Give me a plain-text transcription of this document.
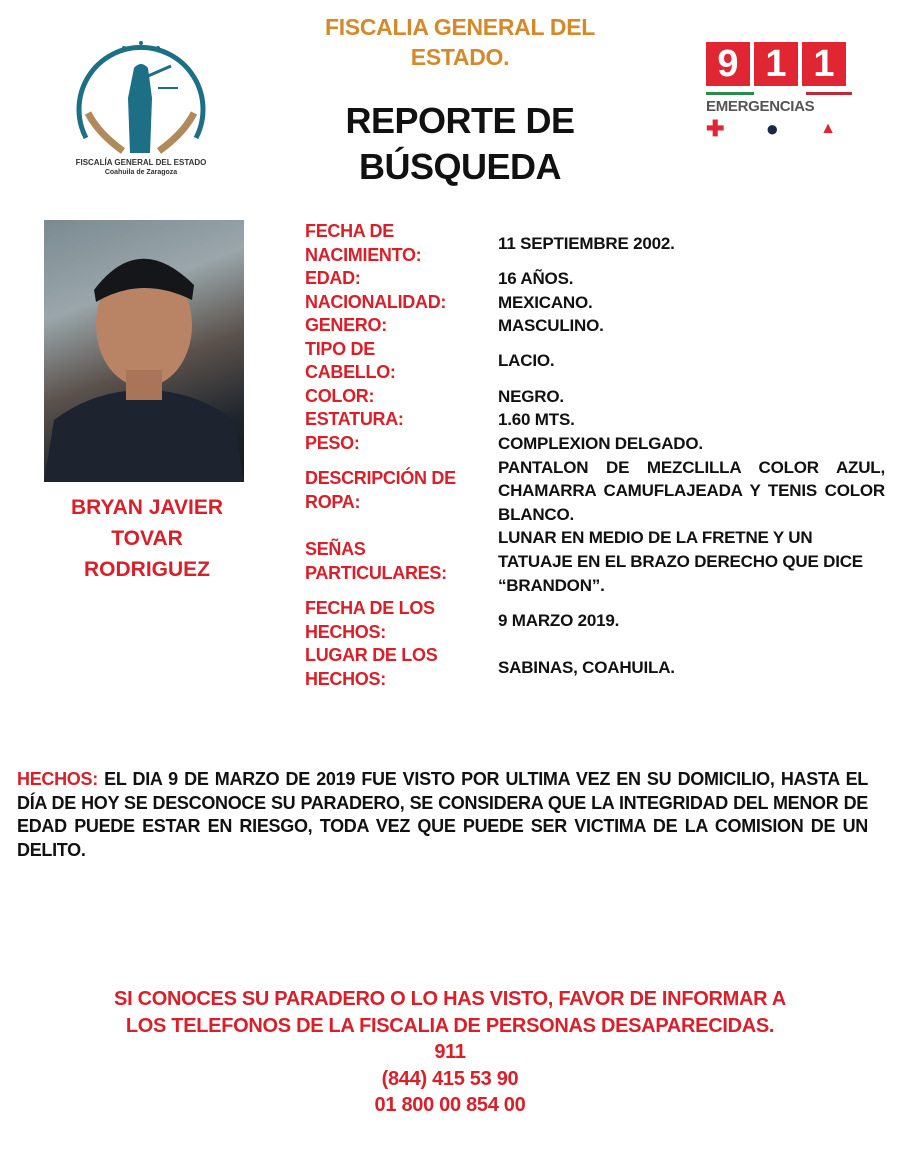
FISCALÍA GENERAL DEL ESTADO
Coahuila de Zaragoza
FISCALIA GENERAL DEL
ESTADO.
REPORTE DE
BÚSQUEDA
9 1 1
EMERGENCIAS
✚ ●	▲
BRYAN JAVIER
TOVAR
RODRIGUEZ
FECHA DE NACIMIENTO:
11 SEPTIEMBRE 2002.
EDAD:	16 AÑOS.
NACIONALIDAD:	MEXICANO.
GENERO:	MASCULINO.
TIPO DE CABELLO:
LACIO.
COLOR:	NEGRO.
ESTATURA:	1.60 MTS.
PESO:	COMPLEXION DELGADO.
DESCRIPCIÓN DE ROPA:
PANTALON DE MEZCLILLA COLOR AZUL, CHAMARRA CAMUFLAJEADA Y TENIS COLOR BLANCO.
SEÑAS PARTICULARES:
LUNAR EN MEDIO DE LA FRETNE Y UN TATUAJE EN EL BRAZO DERECHO QUE DICE “BRANDON”.
FECHA DE LOS HECHOS:
9 MARZO 2019.
LUGAR DE LOS HECHOS:
SABINAS, COAHUILA.
HECHOS: EL DIA 9 DE MARZO DE 2019 FUE VISTO POR ULTIMA VEZ EN SU DOMICILIO, HASTA EL DÍA DE HOY SE DESCONOCE SU PARADERO, SE CONSIDERA QUE LA INTEGRIDAD DEL MENOR DE EDAD PUEDE ESTAR EN RIESGO, TODA VEZ QUE PUEDE SER VICTIMA DE LA COMISION DE UN DELITO.
SI CONOCES SU PARADERO O LO HAS VISTO, FAVOR DE INFORMAR A
LOS TELEFONOS DE LA FISCALIA DE PERSONAS DESAPARECIDAS.
911
(844) 415 53 90
01 800 00 854 00
